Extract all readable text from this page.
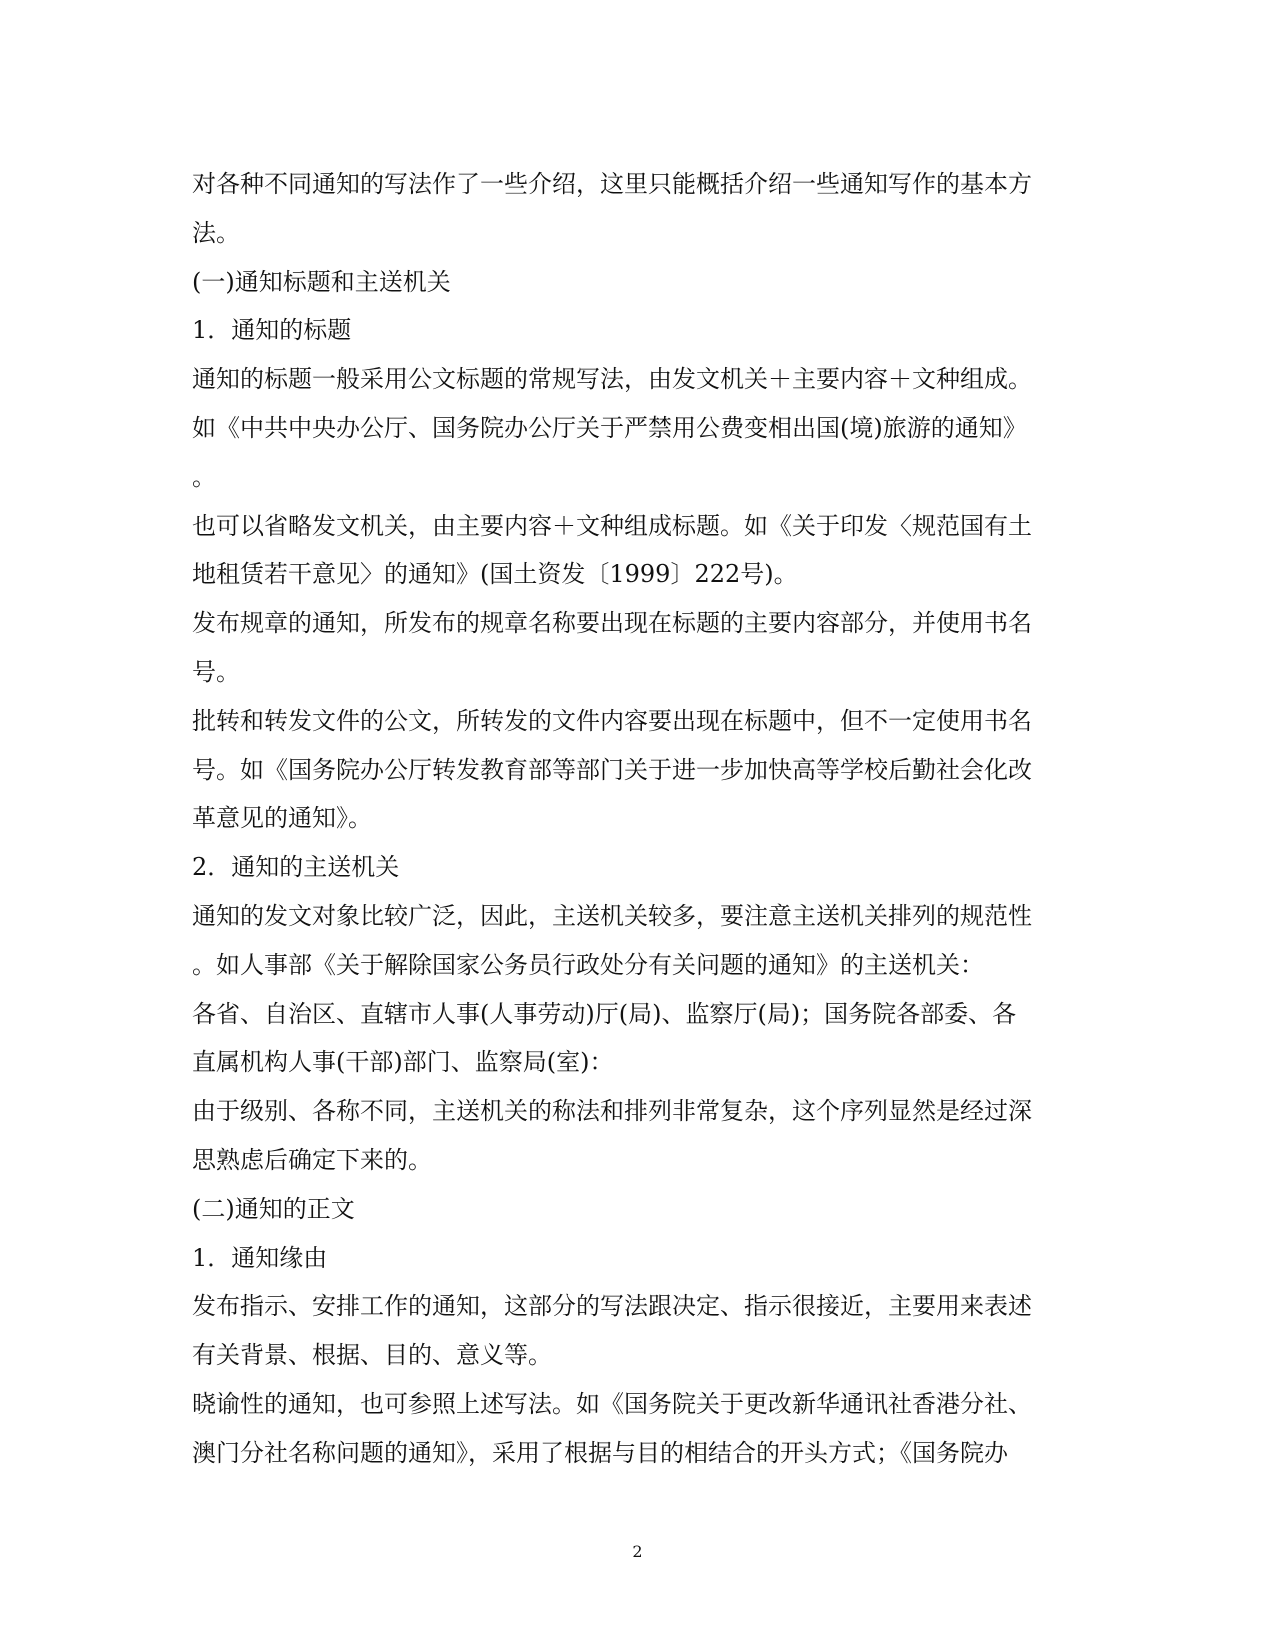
对各种不同通知的写法作了一些介绍，这里只能概括介绍一些通知写作的基本方
法。
(一)通知标题和主送机关
1．通知的标题
通知的标题一般采用公文标题的常规写法，由发文机关＋主要内容＋文种组成。
如《中共中央办公厅、国务院办公厅关于严禁用公费变相出国(境)旅游的通知》
。
也可以省略发文机关，由主要内容＋文种组成标题。如《关于印发〈规范国有土
地租赁若干意见〉的通知》(国土资发〔1999〕222号)。
发布规章的通知，所发布的规章名称要出现在标题的主要内容部分，并使用书名
号。
批转和转发文件的公文，所转发的文件内容要出现在标题中，但不一定使用书名
号。如《国务院办公厅转发教育部等部门关于进一步加快高等学校后勤社会化改
革意见的通知》。
2．通知的主送机关
通知的发文对象比较广泛，因此，主送机关较多，要注意主送机关排列的规范性
。如人事部《关于解除国家公务员行政处分有关问题的通知》的主送机关：
各省、自治区、直辖市人事(人事劳动)厅(局)、监察厅(局)；国务院各部委、各
直属机构人事(干部)部门、监察局(室)：
由于级别、各称不同，主送机关的称法和排列非常复杂，这个序列显然是经过深
思熟虑后确定下来的。
(二)通知的正文
1．通知缘由
发布指示、安排工作的通知，这部分的写法跟决定、指示很接近，主要用来表述
有关背景、根据、目的、意义等。
晓谕性的通知，也可参照上述写法。如《国务院关于更改新华通讯社香港分社、
澳门分社名称问题的通知》，采用了根据与目的相结合的开头方式；《国务院办
2
